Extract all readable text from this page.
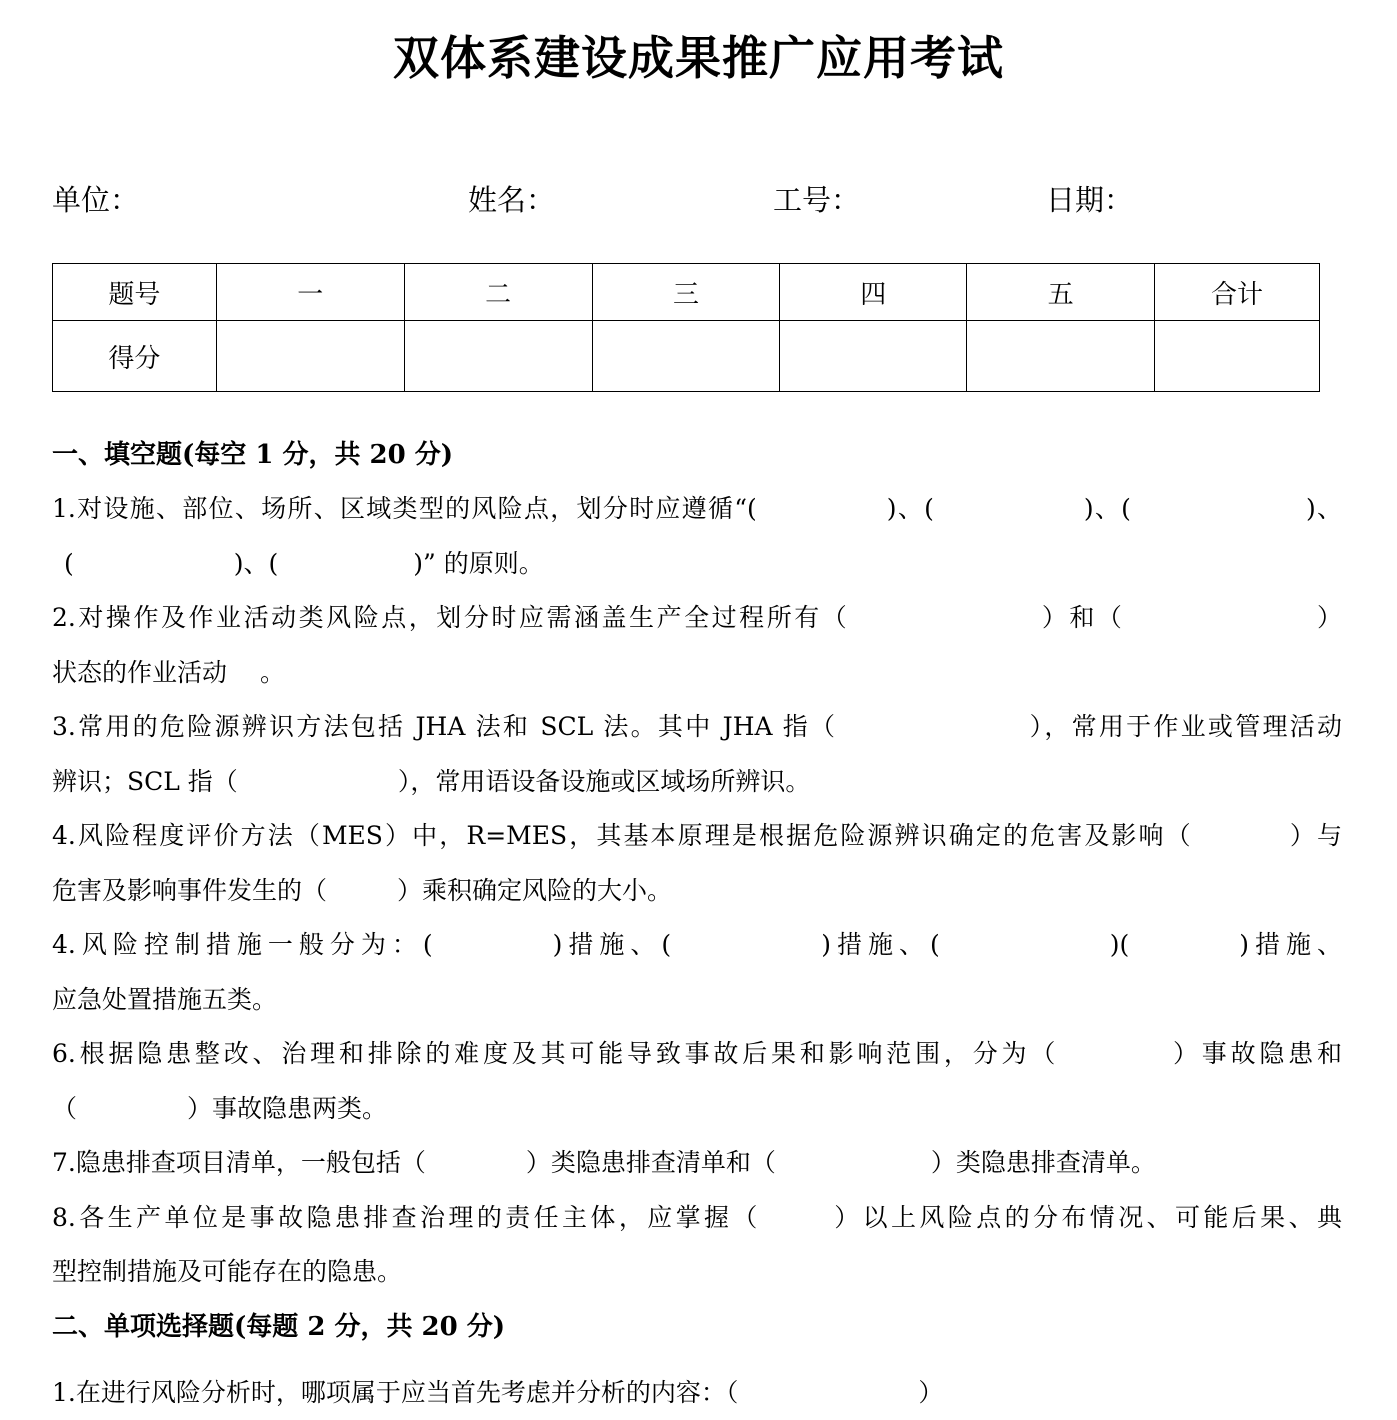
双体系建设成果推广应用考试
单位：	姓名：	工号：	日期：
题号	一	二	三	四	五	合计
得分						
一、填空题(每空 1 分，共 20 分)
1.对设施、部位、场所、区域类型的风险点，划分时应遵循“(	)、(	)、(	)、
(	)、(	)” 的原则。
2.对操作及作业活动类风险点，划分时应需涵盖生产全过程所有（	）和（	）
状态的作业活动 　。
3.常用的危险源辨识方法包括 JHA 法和 SCL 法。其中 JHA 指（	），常用于作业或管理活动
辨识；SCL 指（	），常用语设备设施或区域场所辨识。
4.风险程度评价方法（MES）中，R=MES，其基本原理是根据危险源辨识确定的危害及影响（	）与
危害及影响事件发生的（	）乘积确定风险的大小。
4.风险控制措施一般分为：(	)措施、(	)措施、(	)(	)措施、
应急处置措施五类。
6.根据隐患整改、治理和排除的难度及其可能导致事故后果和影响范围，分为（	）事故隐患和
（	）事故隐患两类。
7.隐患排查项目清单，一般包括（	）类隐患排查清单和（	）类隐患排查清单。
8.各生产单位是事故隐患排查治理的责任主体，应掌握（	）以上风险点的分布情况、可能后果、典
型控制措施及可能存在的隐患。
二、单项选择题(每题 2 分，共 20 分)
1.在进行风险分析时，哪项属于应当首先考虑并分析的内容：（	）
